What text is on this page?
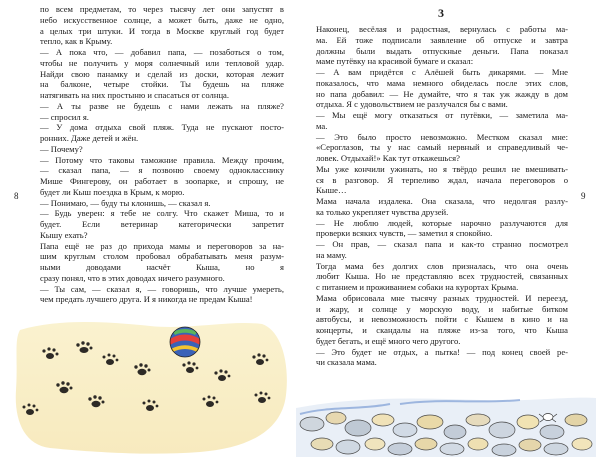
по всем предметам, то через тысячу лет они запустят в
небо искусственное солнце, а может быть, даже не одно,
а целых три штуки. И тогда в Москве круглый год будет
тепло, как в Крыму.
— А пока что, — добавил папа, — позаботься о том,
чтобы не получить у моря солнечный или тепловой удар.
Найди свою панамку и сделай из доски, которая лежит
на балконе, четыре стойки. Ты будешь на пляже
натягивать на них простыню и спасаться от солнца.
— А ты разве не будешь с нами лежать на пляже?
— спросил я.
— У дома отдыха свой пляж. Туда не пускают посто-
ронних. Даже детей и жён.
— Почему?
— Потому что таковы таможние правила. Между прочим,
— сказал папа, — я позвоню своему однокласснику
Мише Фингерову, он работает в зоопарке, и спрошу, не
будет ли Кыш поездка в Крым, к морю.
— Понимаю, — буду ты клонишь, — сказал я.
— Будь уверен: я тебе не солгу. Что скажет Миша, то и
будет. Если ветеринар категорически запретит
Кышу ехать?
Папа ещё не раз до прихода мамы и переговоров за на-
шим круглым столом пробовал обрабатывать меня разум-
ными доводами насчёт Кыша, но я
сразу понял, что в этих доводах ничего разумного.
— Ты сам, — сказал я, — говоришь, что лучше умереть,
чем предать лучшего друга. И я никогда не предам Кыша!
8	9
3
Наконец, весёлая и радостная, вернулась с работы ма-
ма. Ей тоже подписали заявление об отпуске и завтра
должны были выдать отпускные деньги. Папа показал
маме путёвку на красивой бумаге и сказал:
— А вам придётся с Алёшей быть дикарями. — Мне
показалось, что мама немного обиделась после этих слов,
но папа добавил: — Не думайте, что я так уж жажду в дом
отдыха. Я с удовольствием не разлучался бы с вами.
— Мы ещё могу отказаться от путёвки, — заметила ма-
ма.
— Это было просто невозможно. Местком сказал мне:
«Сероглазов, ты у нас самый нервный и справедливый че-
ловек. Отдыхай!» Как тут откажешься?
Мы уже кончили ужинать, но я твёрдо решил не вмешивать-
ся в разговор. Я терпеливо ждал, начала переговоров о
Кыше…
Мама начала издалека. Она сказала, что недолгая разлу-
ка только укрепляет чувства друзей.
— Не люблю людей, которые нарочно разлучаются для
проверки всяких чувств, — заметил я спокойно.
— Он прав, — сказал папа и как-то странно посмотрел
на маму.
Тогда мама без долгих слов призналась, что она очень
любит Кыша. Но не представляю всех трудностей, связанных
с питанием и проживанием собаки на курортах Крыма.
Мама обрисовала мне тысячу разных трудностей. И переезд,
и жару, и солнце у морскую воду, и набитые битком
автобусы, и невозможность пойти с Кышем в кино и на
концерты, и скандалы на пляже из-за того, что Кыша
будет бегать, и ещё много чего другого.
— Это будет не отдых, а пытка! — под конец своей ре-
чи сказала мама.
